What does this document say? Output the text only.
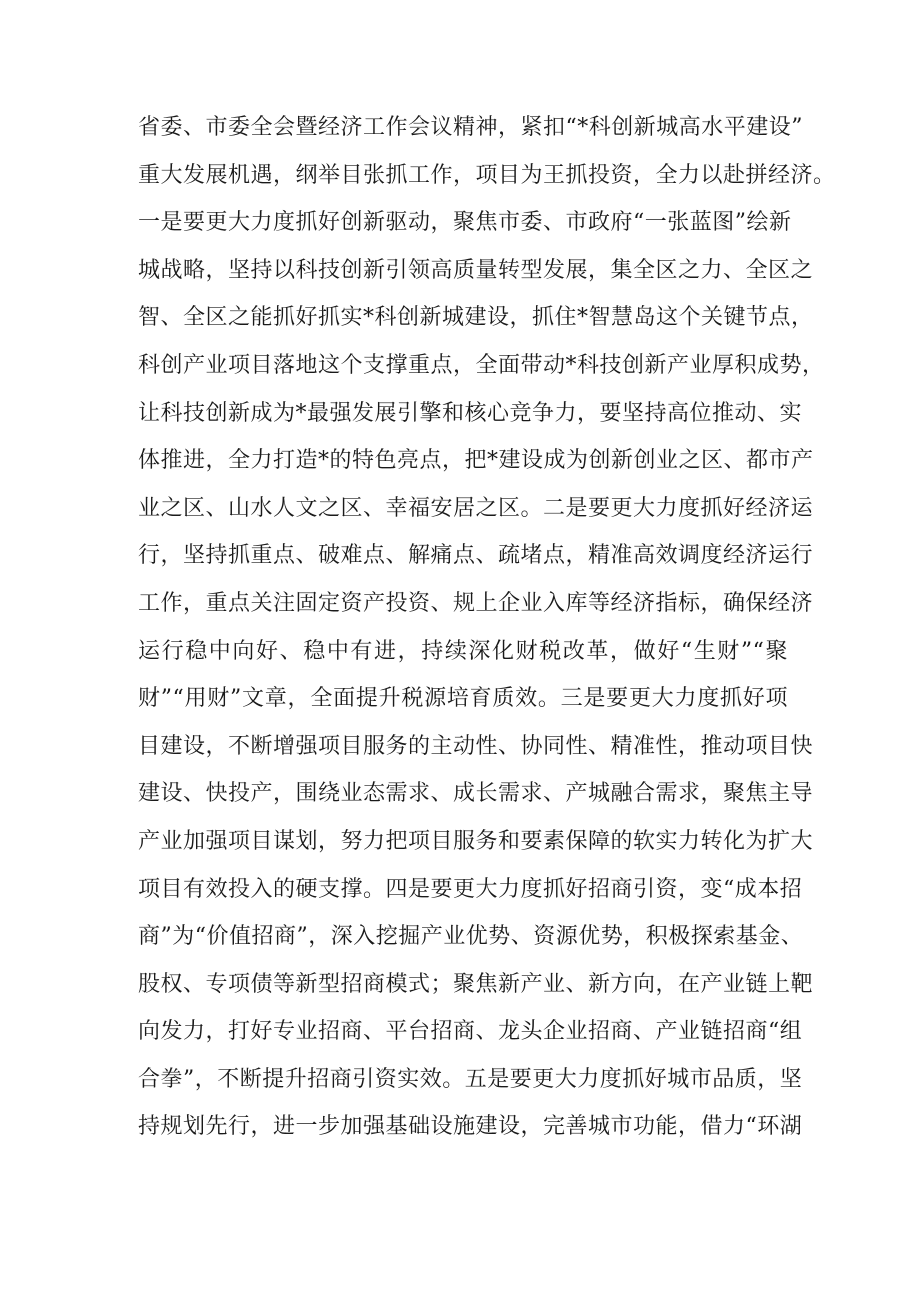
省委、市委全会暨经济工作会议精神，紧扣“*科创新城高水平建设”
重大发展机遇，纲举目张抓工作，项目为王抓投资，全力以赴拼经济。
一是要更大力度抓好创新驱动，聚焦市委、市政府“一张蓝图”绘新
城战略，坚持以科技创新引领高质量转型发展，集全区之力、全区之
智、全区之能抓好抓实*科创新城建设，抓住*智慧岛这个关键节点，
科创产业项目落地这个支撑重点，全面带动*科技创新产业厚积成势，
让科技创新成为*最强发展引擎和核心竞争力，要坚持高位推动、实
体推进，全力打造*的特色亮点，把*建设成为创新创业之区、都市产
业之区、山水人文之区、幸福安居之区。二是要更大力度抓好经济运
行，坚持抓重点、破难点、解痛点、疏堵点，精准高效调度经济运行
工作，重点关注固定资产投资、规上企业入库等经济指标，确保经济
运行稳中向好、稳中有进，持续深化财税改革，做好“生财”“聚
财”“用财”文章，全面提升税源培育质效。三是要更大力度抓好项
目建设，不断增强项目服务的主动性、协同性、精准性，推动项目快
建设、快投产，围绕业态需求、成长需求、产城融合需求，聚焦主导
产业加强项目谋划，努力把项目服务和要素保障的软实力转化为扩大
项目有效投入的硬支撑。四是要更大力度抓好招商引资，变“成本招
商”为“价值招商”，深入挖掘产业优势、资源优势，积极探索基金、
股权、专项债等新型招商模式；聚焦新产业、新方向，在产业链上靶
向发力，打好专业招商、平台招商、龙头企业招商、产业链招商“组
合拳”，不断提升招商引资实效。五是要更大力度抓好城市品质，坚
持规划先行，进一步加强基础设施建设，完善城市功能，借力“环湖
